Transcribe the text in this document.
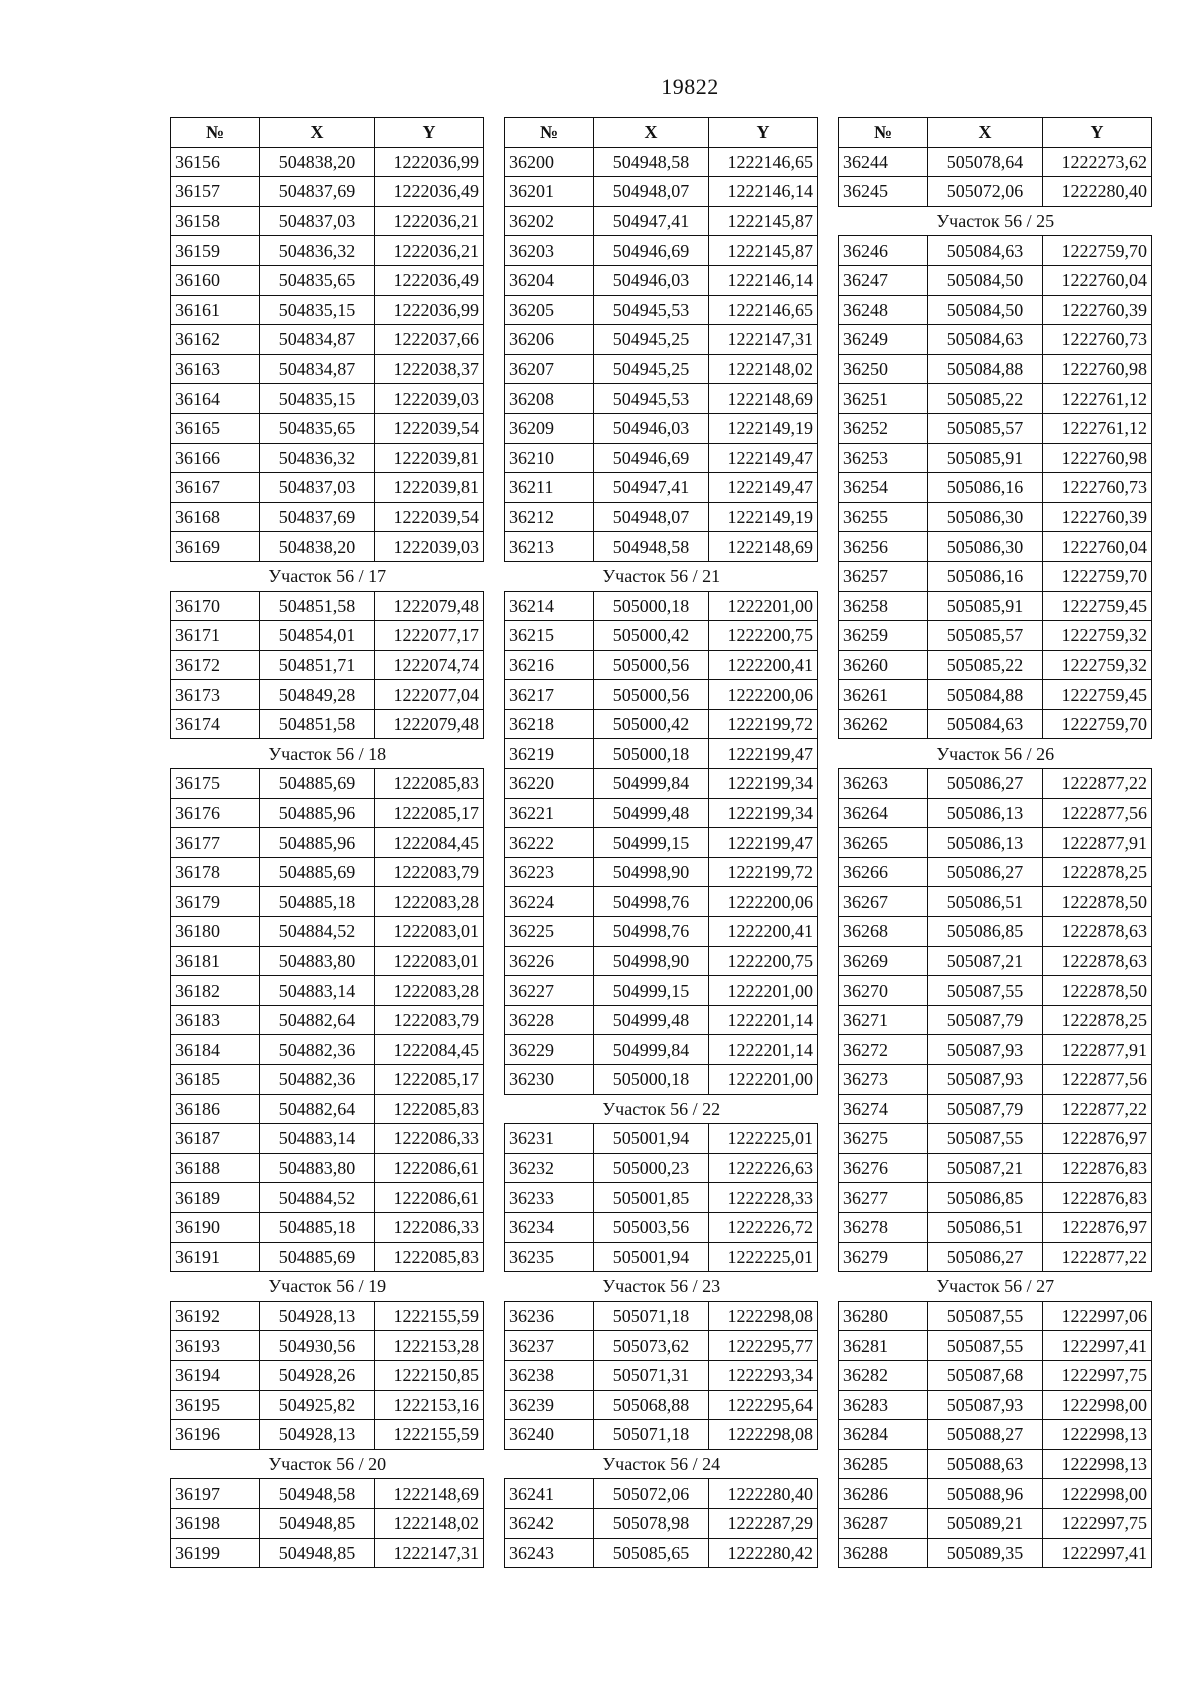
19822
№	X	Y
36156	504838,20	1222036,99
36157	504837,69	1222036,49
36158	504837,03	1222036,21
36159	504836,32	1222036,21
36160	504835,65	1222036,49
36161	504835,15	1222036,99
36162	504834,87	1222037,66
36163	504834,87	1222038,37
36164	504835,15	1222039,03
36165	504835,65	1222039,54
36166	504836,32	1222039,81
36167	504837,03	1222039,81
36168	504837,69	1222039,54
36169	504838,20	1222039,03
Участок 56 / 17		
36170	504851,58	1222079,48
36171	504854,01	1222077,17
36172	504851,71	1222074,74
36173	504849,28	1222077,04
36174	504851,58	1222079,48
Участок 56 / 18		
36175	504885,69	1222085,83
36176	504885,96	1222085,17
36177	504885,96	1222084,45
36178	504885,69	1222083,79
36179	504885,18	1222083,28
36180	504884,52	1222083,01
36181	504883,80	1222083,01
36182	504883,14	1222083,28
36183	504882,64	1222083,79
36184	504882,36	1222084,45
36185	504882,36	1222085,17
36186	504882,64	1222085,83
36187	504883,14	1222086,33
36188	504883,80	1222086,61
36189	504884,52	1222086,61
36190	504885,18	1222086,33
36191	504885,69	1222085,83
Участок 56 / 19		
36192	504928,13	1222155,59
36193	504930,56	1222153,28
36194	504928,26	1222150,85
36195	504925,82	1222153,16
36196	504928,13	1222155,59
Участок 56 / 20		
36197	504948,58	1222148,69
36198	504948,85	1222148,02
36199	504948,85	1222147,31
№	X	Y
36200	504948,58	1222146,65
36201	504948,07	1222146,14
36202	504947,41	1222145,87
36203	504946,69	1222145,87
36204	504946,03	1222146,14
36205	504945,53	1222146,65
36206	504945,25	1222147,31
36207	504945,25	1222148,02
36208	504945,53	1222148,69
36209	504946,03	1222149,19
36210	504946,69	1222149,47
36211	504947,41	1222149,47
36212	504948,07	1222149,19
36213	504948,58	1222148,69
Участок 56 / 21		
36214	505000,18	1222201,00
36215	505000,42	1222200,75
36216	505000,56	1222200,41
36217	505000,56	1222200,06
36218	505000,42	1222199,72
36219	505000,18	1222199,47
36220	504999,84	1222199,34
36221	504999,48	1222199,34
36222	504999,15	1222199,47
36223	504998,90	1222199,72
36224	504998,76	1222200,06
36225	504998,76	1222200,41
36226	504998,90	1222200,75
36227	504999,15	1222201,00
36228	504999,48	1222201,14
36229	504999,84	1222201,14
36230	505000,18	1222201,00
Участок 56 / 22		
36231	505001,94	1222225,01
36232	505000,23	1222226,63
36233	505001,85	1222228,33
36234	505003,56	1222226,72
36235	505001,94	1222225,01
Участок 56 / 23		
36236	505071,18	1222298,08
36237	505073,62	1222295,77
36238	505071,31	1222293,34
36239	505068,88	1222295,64
36240	505071,18	1222298,08
Участок 56 / 24		
36241	505072,06	1222280,40
36242	505078,98	1222287,29
36243	505085,65	1222280,42
№	X	Y
36244	505078,64	1222273,62
36245	505072,06	1222280,40
Участок 56 / 25		
36246	505084,63	1222759,70
36247	505084,50	1222760,04
36248	505084,50	1222760,39
36249	505084,63	1222760,73
36250	505084,88	1222760,98
36251	505085,22	1222761,12
36252	505085,57	1222761,12
36253	505085,91	1222760,98
36254	505086,16	1222760,73
36255	505086,30	1222760,39
36256	505086,30	1222760,04
36257	505086,16	1222759,70
36258	505085,91	1222759,45
36259	505085,57	1222759,32
36260	505085,22	1222759,32
36261	505084,88	1222759,45
36262	505084,63	1222759,70
Участок 56 / 26		
36263	505086,27	1222877,22
36264	505086,13	1222877,56
36265	505086,13	1222877,91
36266	505086,27	1222878,25
36267	505086,51	1222878,50
36268	505086,85	1222878,63
36269	505087,21	1222878,63
36270	505087,55	1222878,50
36271	505087,79	1222878,25
36272	505087,93	1222877,91
36273	505087,93	1222877,56
36274	505087,79	1222877,22
36275	505087,55	1222876,97
36276	505087,21	1222876,83
36277	505086,85	1222876,83
36278	505086,51	1222876,97
36279	505086,27	1222877,22
Участок 56 / 27		
36280	505087,55	1222997,06
36281	505087,55	1222997,41
36282	505087,68	1222997,75
36283	505087,93	1222998,00
36284	505088,27	1222998,13
36285	505088,63	1222998,13
36286	505088,96	1222998,00
36287	505089,21	1222997,75
36288	505089,35	1222997,41
